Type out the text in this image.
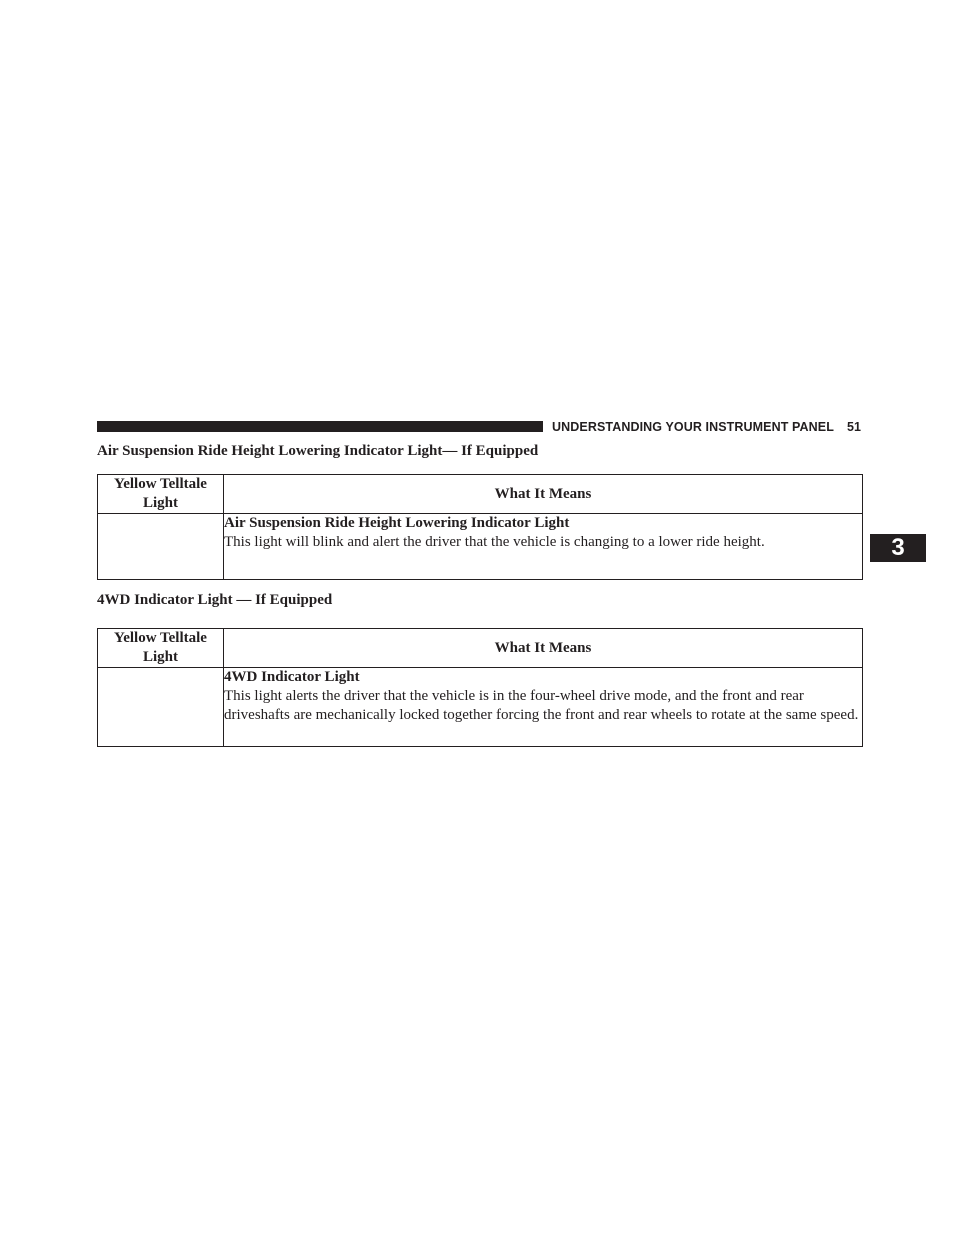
UNDERSTANDING YOUR INSTRUMENT PANEL 51
3
Air Suspension Ride Height Lowering Indicator Light— If Equipped
Yellow Telltale Light	What It Means

	Air Suspension Ride Height Lowering Indicator Light
This light will blink and alert the driver that the vehicle is changing to a lower ride height.
4WD Indicator Light — If Equipped
Yellow Telltale Light	What It Means

	4WD Indicator Light
This light alerts the driver that the vehicle is in the four-wheel drive mode, and the front and rear driveshafts are mechanically locked together forcing the front and rear wheels to rotate at the same speed.
